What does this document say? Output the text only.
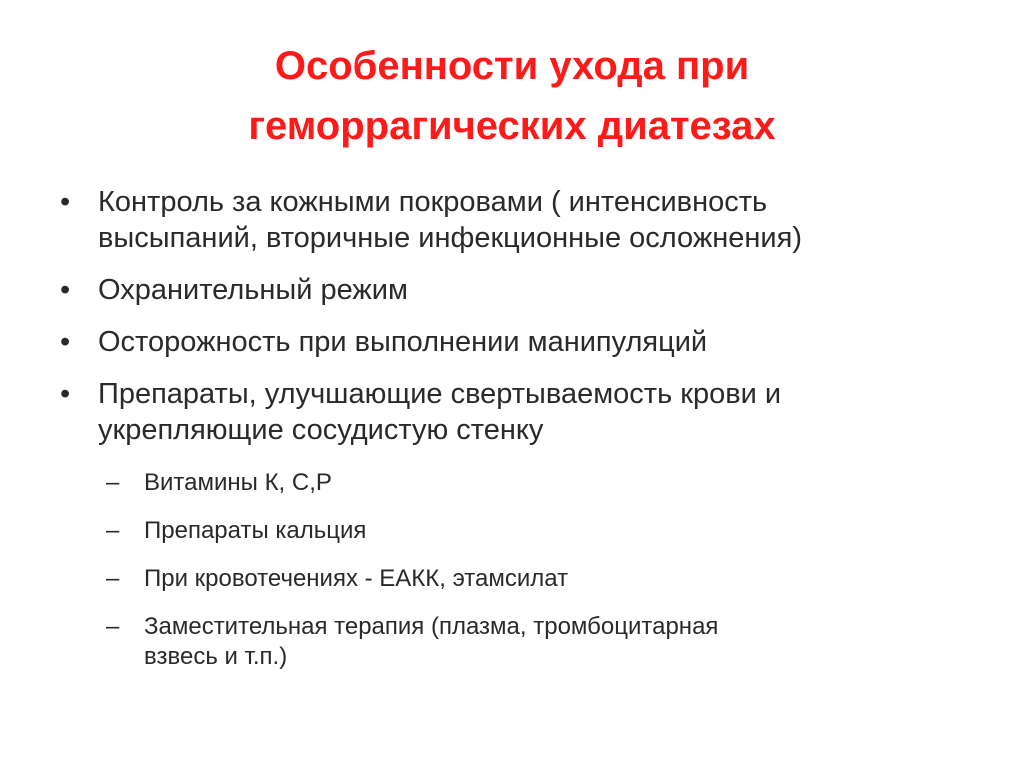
Особенности ухода при
геморрагических диатезах
• Контроль за кожными покровами ( интенсивность
высыпаний, вторичные инфекционные осложнения)
• Охранительный режим
• Осторожность при выполнении манипуляций
• Препараты, улучшающие свертываемость крови и
укрепляющие сосудистую стенку
– Витамины К, С,Р
– Препараты кальция
– При кровотечениях - ЕАКК, этамсилат
– Заместительная терапия (плазма, тромбоцитарная
взвесь и т.п.)
